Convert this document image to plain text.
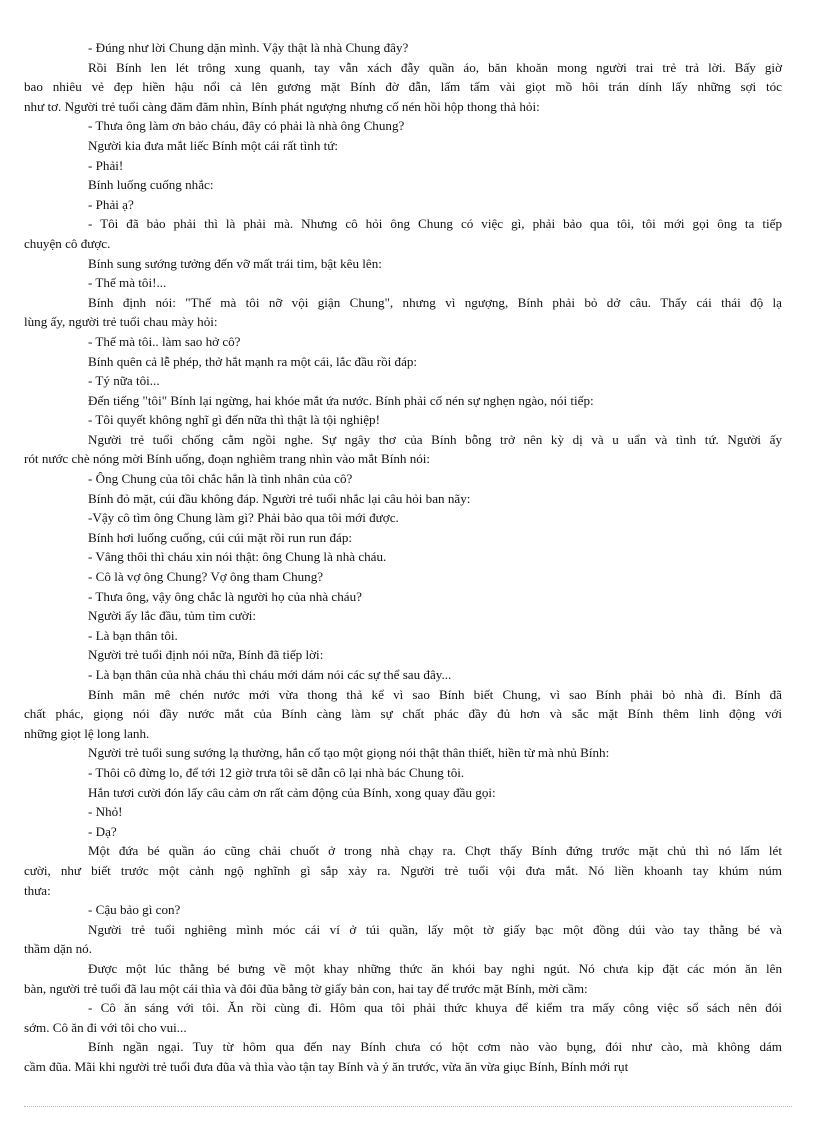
- Đúng như lời Chung dặn mình. Vậy thật là nhà Chung đây?

Rồi Bính len lét trông xung quanh, tay vẫn xách đẫy quần áo, băn khoăn mong người trai trẻ trả lời. Bấy giờ

bao nhiêu vẻ đẹp hiền hậu nổi cả lên gương mặt Bính đờ đẫn, lấm tấm vài giọt mồ hôi trán dính lấy những sợi tóc

như tơ. Người trẻ tuổi càng đăm đăm nhìn, Bính phát ngượng nhưng cố nén hồi hộp thong thả hỏi:

- Thưa ông làm ơn bảo cháu, đây có phải là nhà ông Chung?

Người kia đưa mắt liếc Bính một cái rất tình tứ:

- Phải!

Bính luống cuống nhắc:

- Phải ạ?

- Tôi đã bảo phải thì là phải mà. Nhưng cô hỏi ông Chung có việc gì, phải bảo qua tôi, tôi mới gọi ông ta tiếp

chuyện cô được.

Bính sung sướng tưởng đến vỡ mất trái tim, bật kêu lên:

- Thế mà tôi!...

Bính định nói: "Thế mà tôi nỡ vội giận Chung", nhưng vì ngượng, Bính phải bỏ dở câu. Thấy cái thái độ lạ

lùng ấy, người trẻ tuổi chau mày hỏi:

- Thế mà tôi.. làm sao hở cô?

Bính quên cả lễ phép, thở hắt mạnh ra một cái, lắc đầu rồi đáp:

- Tý nữa tôi...

Đến tiếng "tôi" Bính lại ngừng, hai khóe mắt ứa nước. Bính phải cố nén sự nghẹn ngào, nói tiếp:

- Tôi quyết không nghĩ gì đến nữa thì thật là tội nghiệp!

Người trẻ tuổi chống cằm ngồi nghe. Sự ngây thơ của Bính bỗng trở nên kỳ dị và u uẩn và tình tứ. Người ấy

rót nước chè nóng mời Bính uống, đoạn nghiêm trang nhìn vào mắt Bính nói:

- Ông Chung của tôi chắc hẳn là tình nhân của cô?

Bính đỏ mặt, cúi đầu không đáp. Người trẻ tuổi nhắc lại câu hỏi ban nãy:

-Vậy cô tìm ông Chung làm gì? Phải bảo qua tôi mới được.

Bính hơi luống cuống, cúi cúi mặt rồi run run đáp:

- Vâng thôi thì cháu xin nói thật: ông Chung là nhà cháu.

- Cô là vợ ông Chung? Vợ ông tham Chung?

- Thưa ông, vậy ông chắc là người họ của nhà cháu?

Người ấy lắc đầu, tủm tỉm cười:

- Là bạn thân tôi.

Người trẻ tuổi định nói nữa, Bính đã tiếp lời:

- Là bạn thân của nhà cháu thì cháu mới dám nói các sự thể sau đây...

Bính mân mê chén nước mới vừa thong thả kể vì sao Bính biết Chung, vì sao Bính phải bỏ nhà đi. Bính đã

chất phác, giọng nói đầy nước mắt của Bính càng làm sự chất phác đầy đủ hơn và sắc mặt Bính thêm linh động với

những giọt lệ long lanh.

Người trẻ tuổi sung sướng lạ thường, hắn cố tạo một giọng nói thật thân thiết, hiền từ mà nhủ Bính:

- Thôi cô đừng lo, để tới 12 giờ trưa tôi sẽ dẫn cô lại nhà bác Chung tôi.

Hắn tươi cười đón lấy câu cảm ơn rất cảm động của Bính, xong quay đầu gọi:

- Nhỏ!

- Dạ?

Một đứa bé quần áo cũng chải chuốt ở trong nhà chạy ra. Chợt thấy Bính đứng trước mặt chủ thì nó lấm lét

cười, như biết trước một cảnh ngộ nghĩnh gì sắp xảy ra. Người trẻ tuổi vội đưa mắt. Nó liền khoanh tay khúm núm

thưa:

- Cậu bảo gì con?

Người trẻ tuổi nghiêng mình móc cái ví ở túi quần, lấy một tờ giấy bạc một đồng dúi vào tay thằng bé và

thầm dặn nó.

Được một lúc thằng bé bưng về một khay những thức ăn khói bay nghi ngút. Nó chưa kịp đặt các món ăn lên

bàn, người trẻ tuổi đã lau một cái thìa và đôi đũa bằng tờ giấy bản con, hai tay để trước mặt Bính, mời cầm:

- Cô ăn sáng với tôi. Ăn rồi cùng đi. Hôm qua tôi phải thức khuya để kiểm tra mấy công việc sổ sách nên đói

sớm. Cô ăn đi với tôi cho vui...

Bính ngần ngại. Tuy từ hôm qua đến nay Bính chưa có hột cơm nào vào bụng, đói như cào, mà không dám

cầm đũa. Mãi khi người trẻ tuổi đưa đũa và thìa vào tận tay Bính và ý ăn trước, vừa ăn vừa giục Bính, Bính mới rụt
